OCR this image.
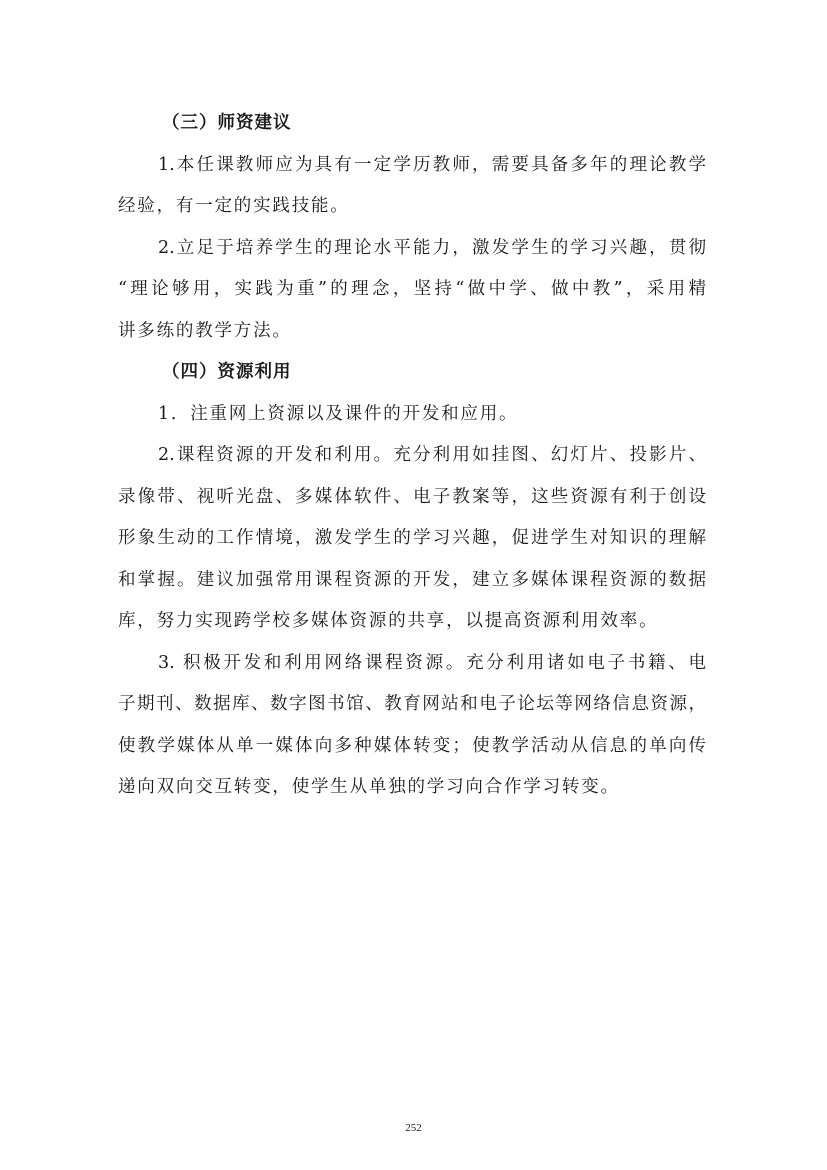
（三）师资建议
1.本任课教师应为具有一定学历教师，需要具备多年的理论教学
经验，有一定的实践技能。
2.立足于培养学生的理论水平能力，激发学生的学习兴趣，贯彻
“理论够用，实践为重”的理念，坚持“做中学、做中教”，采用精
讲多练的教学方法。
（四）资源利用
1．注重网上资源以及课件的开发和应用。
2.课程资源的开发和利用。充分利用如挂图、幻灯片、投影片、
录像带、视听光盘、多媒体软件、电子教案等，这些资源有利于创设
形象生动的工作情境，激发学生的学习兴趣，促进学生对知识的理解
和掌握。建议加强常用课程资源的开发，建立多媒体课程资源的数据
库，努力实现跨学校多媒体资源的共享，以提高资源利用效率。
3. 积极开发和利用网络课程资源。充分利用诸如电子书籍、电
子期刊、数据库、数字图书馆、教育网站和电子论坛等网络信息资源，
使教学媒体从单一媒体向多种媒体转变；使教学活动从信息的单向传
递向双向交互转变，使学生从单独的学习向合作学习转变。
252
